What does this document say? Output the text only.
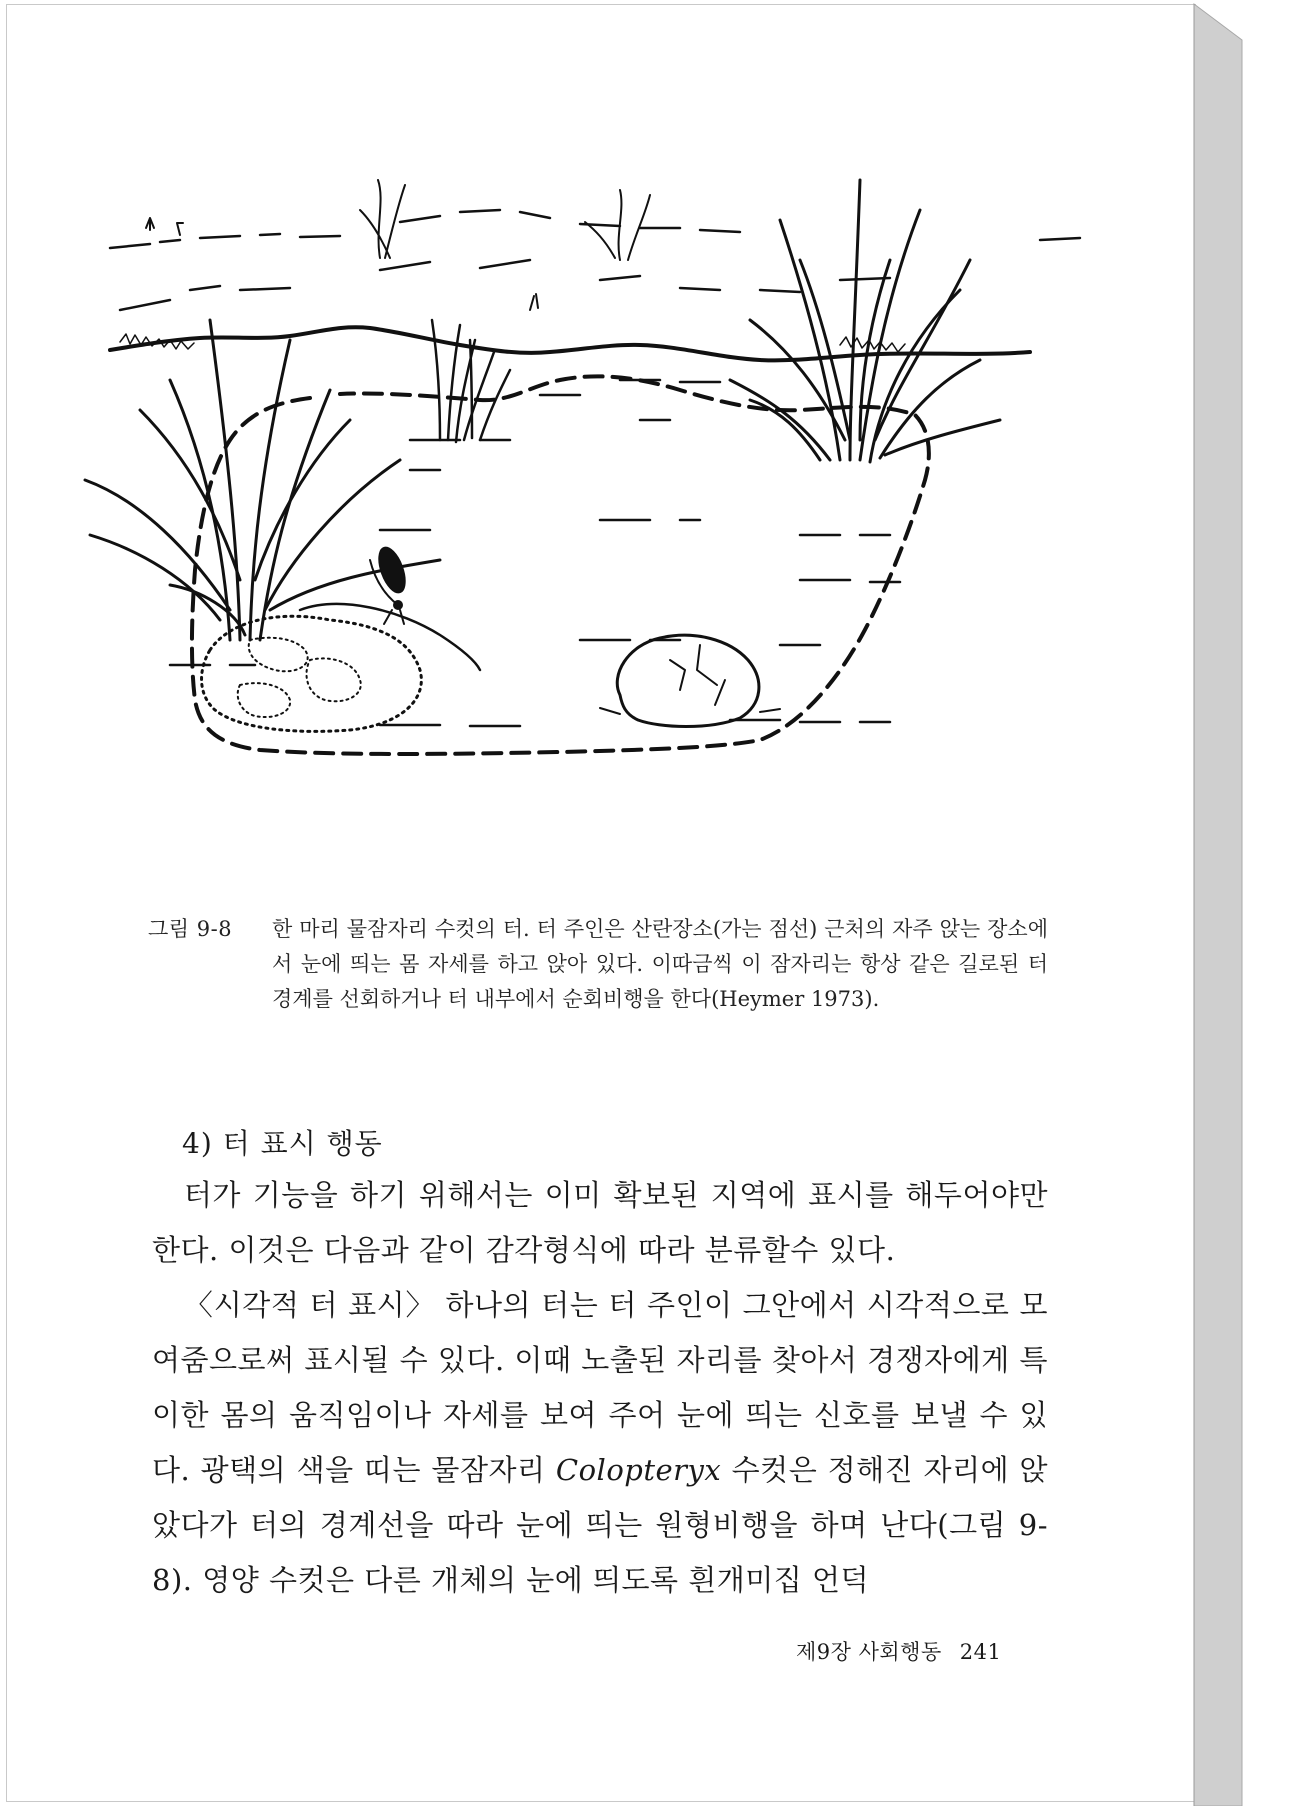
그림 9-8	한 마리 물잠자리 수컷의 터. 터 주인은 산란장소(가는 점선) 근처의 자주 앉는 장소에서 눈에 띄는 몸 자세를 하고 앉아 있다. 이따금씩 이 잠자리는 항상 같은 길로된 터 경계를 선회하거나 터 내부에서 순회비행을 한다(Heymer 1973).
4) 터 표시 행동

터가 기능을 하기 위해서는 이미 확보된 지역에 표시를 해두어야만 한다. 이것은 다음과 같이 감각형식에 따라 분류할수 있다.

〈시각적 터 표시〉 하나의 터는 터 주인이 그안에서 시각적으로 모여줌으로써 표시될 수 있다. 이때 노출된 자리를 찾아서 경쟁자에게 특이한 몸의 움직임이나 자세를 보여 주어 눈에 띄는 신호를 보낼 수 있다. 광택의 색을 띠는 물잠자리 Colopteryx 수컷은 정해진 자리에 앉았다가 터의 경계선을 따라 눈에 띄는 원형비행을 하며 난다(그림 9-8). 영양 수컷은 다른 개체의 눈에 띄도록 흰개미집 언덕

제9장 사회행동 241
